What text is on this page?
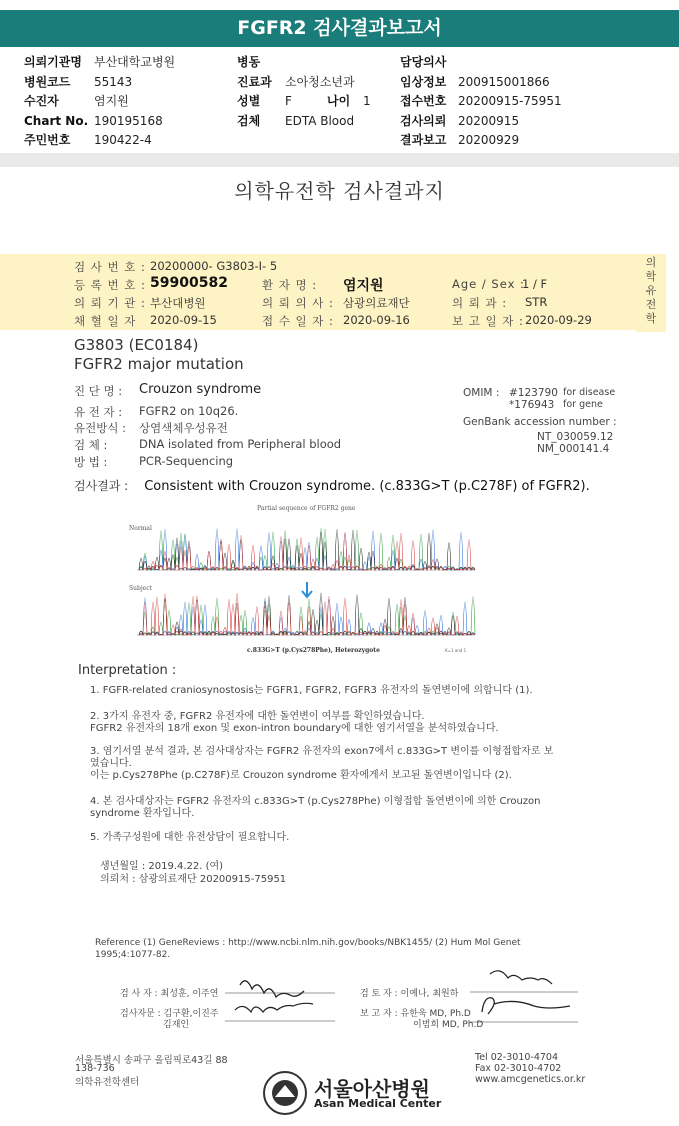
FGFR2 검사결과보고서
의뢰기관명 부산대학교병원
병원코드 55143
수진자	염지원
Chart No. 190195168
주민번호 190422-4
병동
진료과 소아청소년과
성별 F	나이 1
검체 EDTA Blood
담당의사
임상정보 200915001866
접수번호 20200915-75951
검사의뢰 20200915
결과보고 20200929
의학유전학 검사결과지
의
학
유
전
학
검 사 번 호 : 20200000- G3803-I- 5
등 록 번 호 : 59900582	환 자 명 : 염지원	Age / Sex :
1 / F
의 뢰 기 관 : 부산대병원	의 뢰 의 사 : 삼광의료재단	의 뢰 과 : STR
채 혈 일 자 2020-09-15	접 수 일 자 : 2020-09-16	보 고 일 자 : 2020-09-29
G3803 (EC0184)
FGFR2 major mutation
진 단 명 : Crouzon syndrome
유 전 자 : FGFR2 on 10q26.
유전방식 : 상염색체우성유전
검 체 :	DNA isolated from Peripheral blood
방 법 :	PCR-Sequencing
OMIM : #123790 for disease
*176943 for gene
GenBank accession number :
NT_030059.12
NM_000141.4
검사결과 : Consistent with Crouzon syndrome. (c.833G>T (p.C278F) of FGFR2).
Partial sequence of FGFR2 gene
Normal
Subject
c.833G>T (p.Cys278Phe), Heterozygote	K=1 and 1
Interpretation :
1. FGFR-related craniosynostosis는 FGFR1, FGFR2, FGFR3 유전자의 돌연변이에 의합니다 (1).
2. 3가지 유전자 중, FGFR2 유전자에 대한 돌연변이 여부를 확인하였습니다.
FGFR2 유전자의 18개 exon 및 exon-intron boundary에 대한 염기서열을 분석하였습니다.
3. 염기서열 분석 결과, 본 검사대상자는 FGFR2 유전자의 exon7에서 c.833G>T 변이를 이형접합자로 보
였습니다.
이는 p.Cys278Phe (p.C278F)로 Crouzon syndrome 환자에게서 보고된 돌연변이입니다 (2).
4. 본 검사대상자는 FGFR2 유전자의 c.833G>T (p.Cys278Phe) 이형접합 돌연변이에 의한 Crouzon
syndrome 환자입니다.
5. 가족구성원에 대한 유전상담이 필요합니다.
생년월일 : 2019.4.22. (여)
의뢰처 : 삼광의료재단 20200915-75951
Reference (1) GeneReviews : http://www.ncbi.nlm.nih.gov/books/NBK1455/ (2) Hum Mol Genet
1995;4:1077-82.
검 사 자 : 최성훈, 이주연
검사자문 : 김구환,이진주
김재인
검 토 자 : 이예나, 최원하
보 고 자 : 유한욱 MD, Ph.D
이범희 MD, Ph.D
서울특별시 송파구 올림픽로43길 88
138-736
의학유전학센터	서울아산병원
Asan Medical Center
Tel 02-3010-4704
Fax 02-3010-4702
www.amcgenetics.or.kr
